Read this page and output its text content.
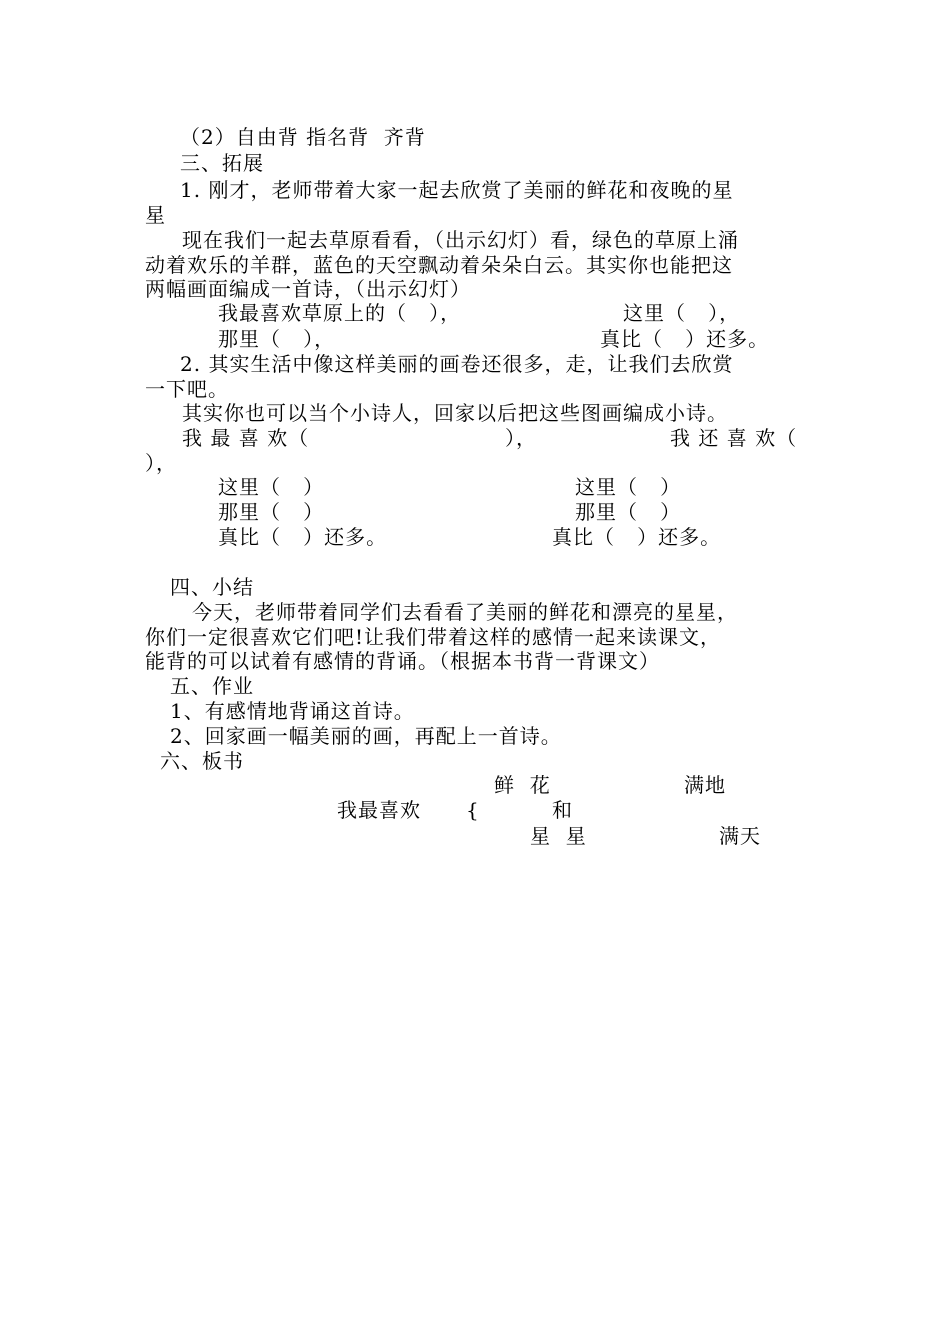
（2）自由背 指名背  齐背
三、拓展
1. 刚才，老师带着大家一起去欣赏了美丽的鲜花和夜晚的星
星
现在我们一起去草原看看，（出示幻灯）看，绿色的草原上涌
动着欢乐的羊群，蓝色的天空飘动着朵朵白云。其实你也能把这
两幅画面编成一首诗，（出示幻灯）
我最喜欢草原上的（   ），	这里（   ），
那里（   ），	真比（   ）还多。
2. 其实生活中像这样美丽的画卷还很多，走，让我们去欣赏
一下吧。
其实你也可以当个小诗人，回家以后把这些图画编成小诗。
我 最 喜 欢（	），	我 还 喜 欢（
），
这里（   ）	这里（   ）
那里（   ）	那里（   ）
真比（   ）还多。	真比（   ）还多。
四、小结
今天，老师带着同学们去看看了美丽的鲜花和漂亮的星星，
你们一定很喜欢它们吧!让我们带着这样的感情一起来读课文，
能背的可以试着有感情的背诵。（根据本书背一背课文）
五、作业
1、有感情地背诵这首诗。
2、回家画一幅美丽的画，再配上一首诗。
六、板书
鲜  花	满地
我最喜欢 {	和
星  星	满天
